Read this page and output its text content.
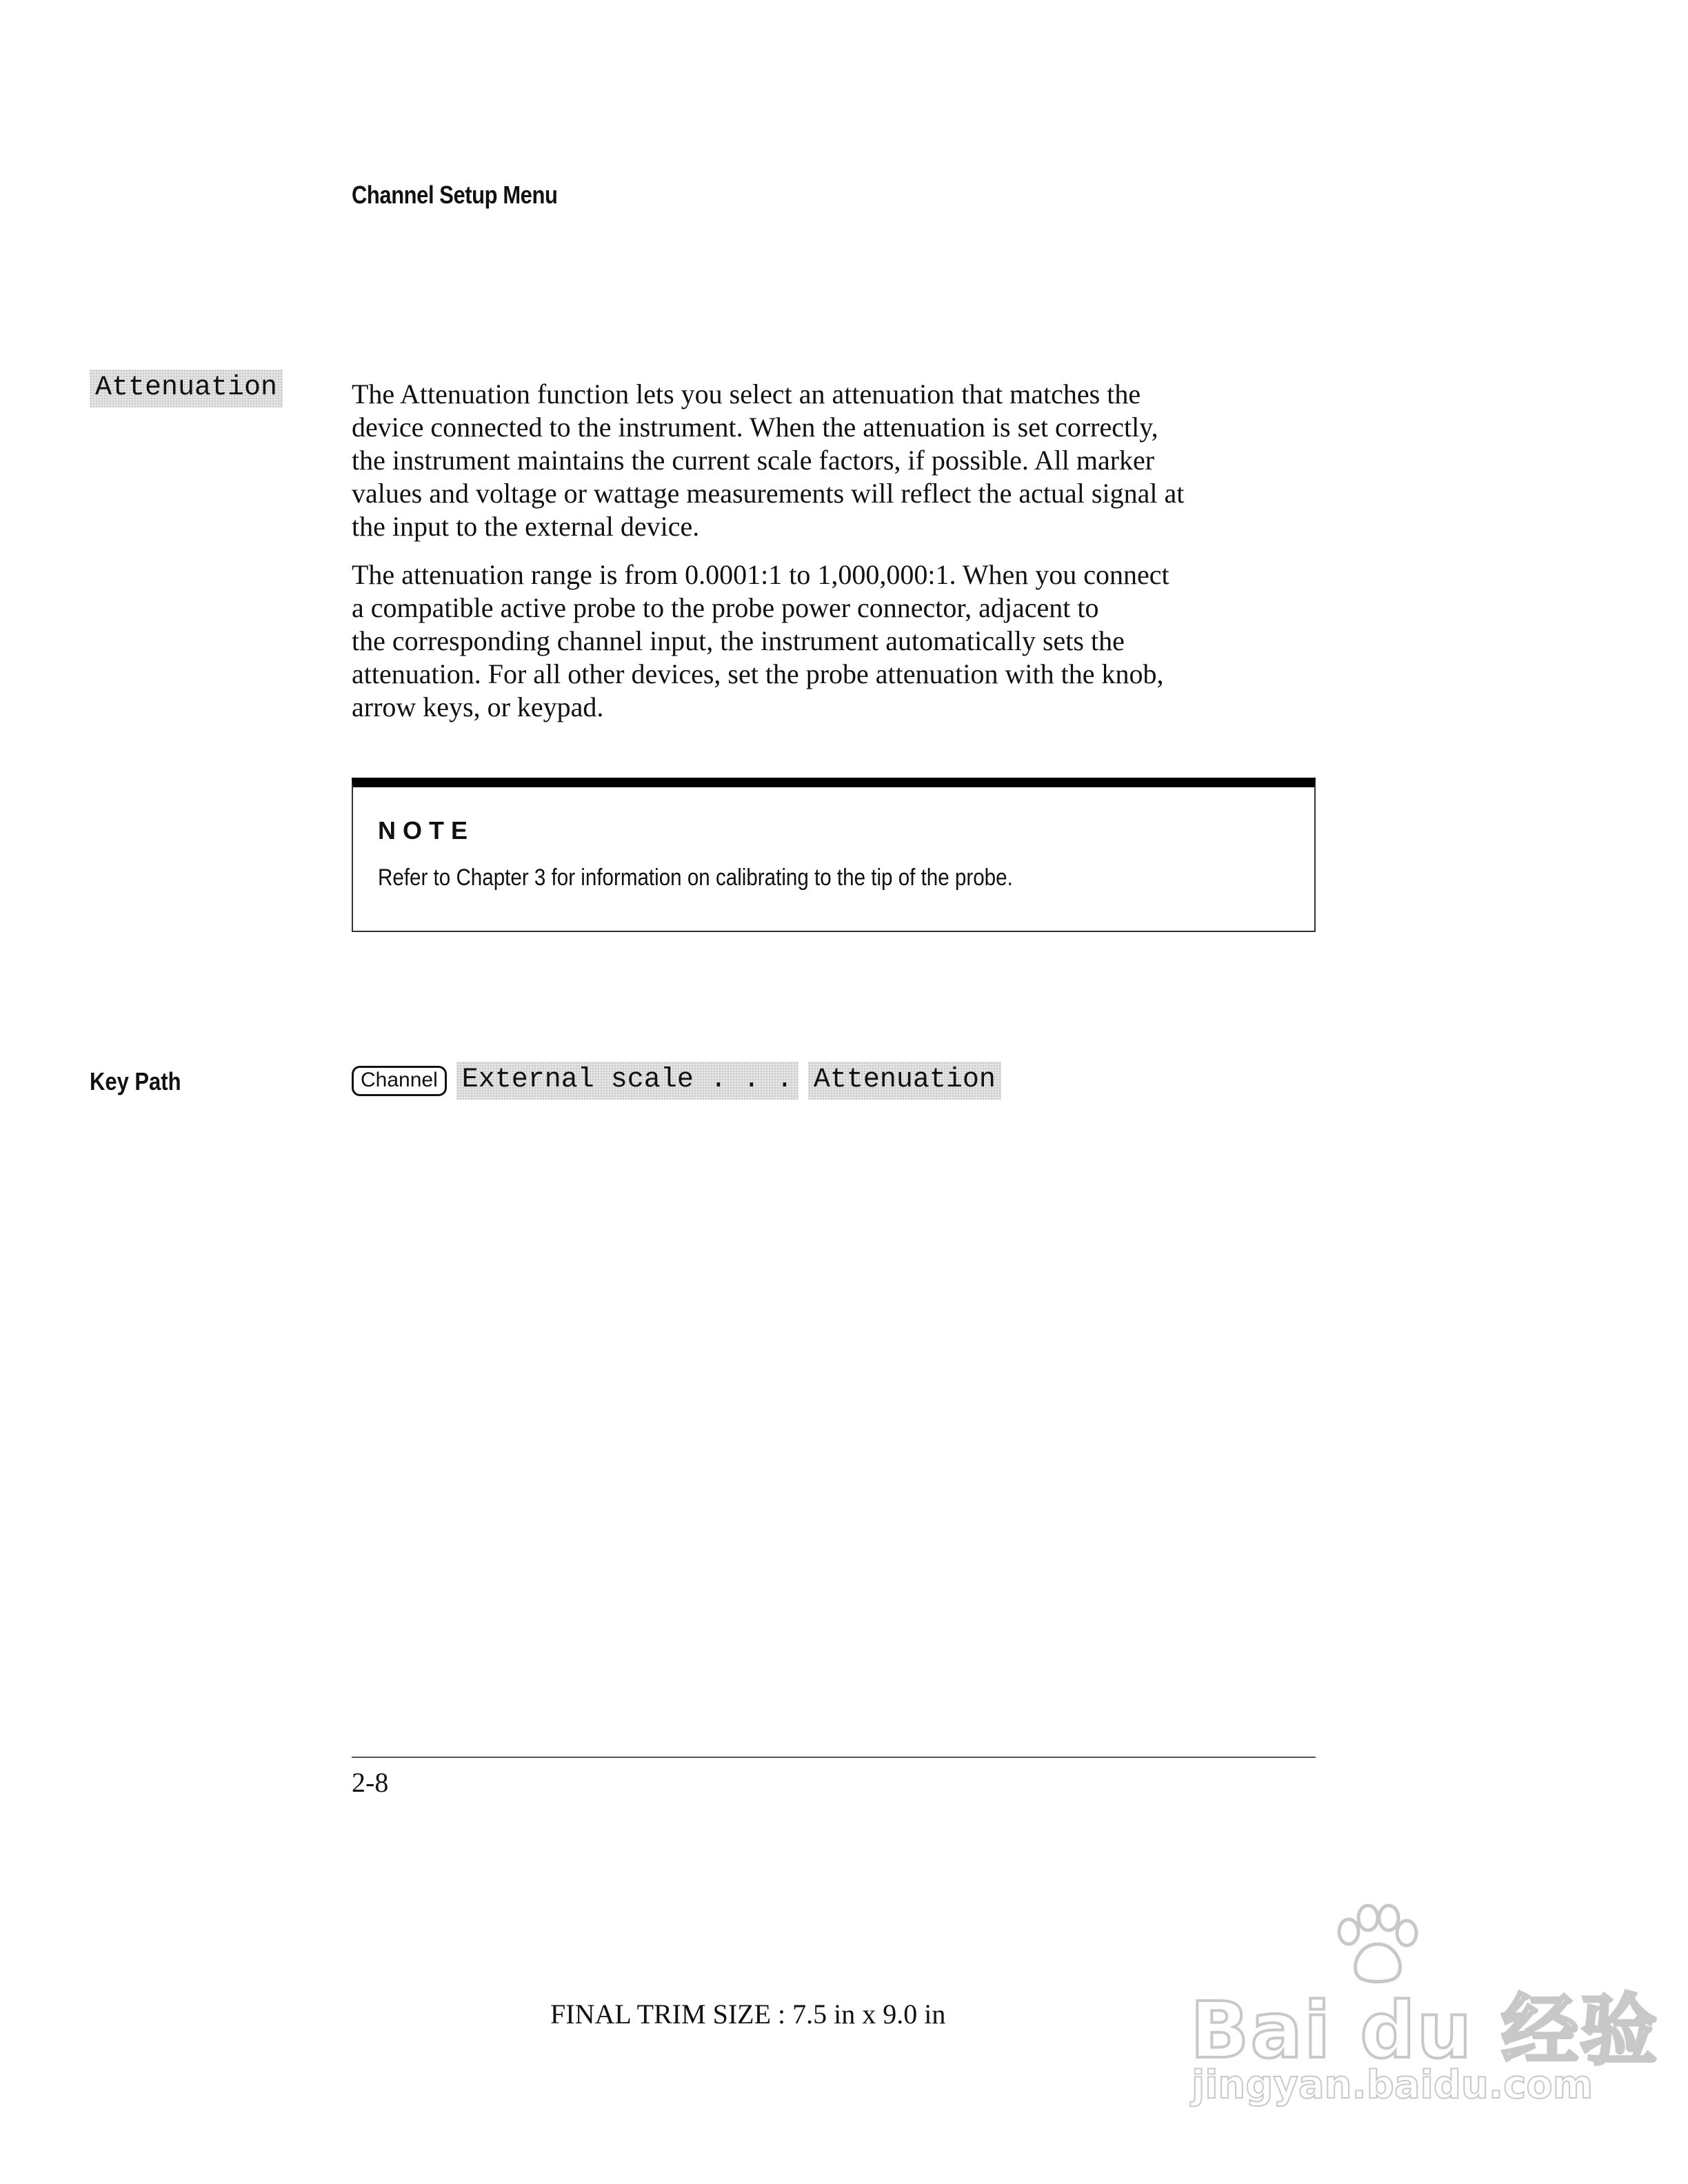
Channel Setup Menu
Attenuation	The Attenuation function lets you select an attenuation that matches the
device connected to the instrument. When the attenuation is set correctly,
the instrument maintains the current scale factors, if possible. All marker
values and voltage or wattage measurements will reflect the actual signal at
the input to the external device.

The attenuation range is from 0.0001:1 to 1,000,000:1. When you connect
a compatible active probe to the probe power connector, adjacent to
the corresponding channel input, the instrument automatically sets the
attenuation. For all other devices, set the probe attenuation with the knob,
arrow keys, or keypad.

NOTE
Refer to Chapter 3 for information on calibrating to the tip of the probe.
Key Path	Channel External scale . . . Attenuation
2-8
FINAL TRIM SIZE : 7.5 in x 9.0 in	Bai du 经验
jingyan.baidu.com
